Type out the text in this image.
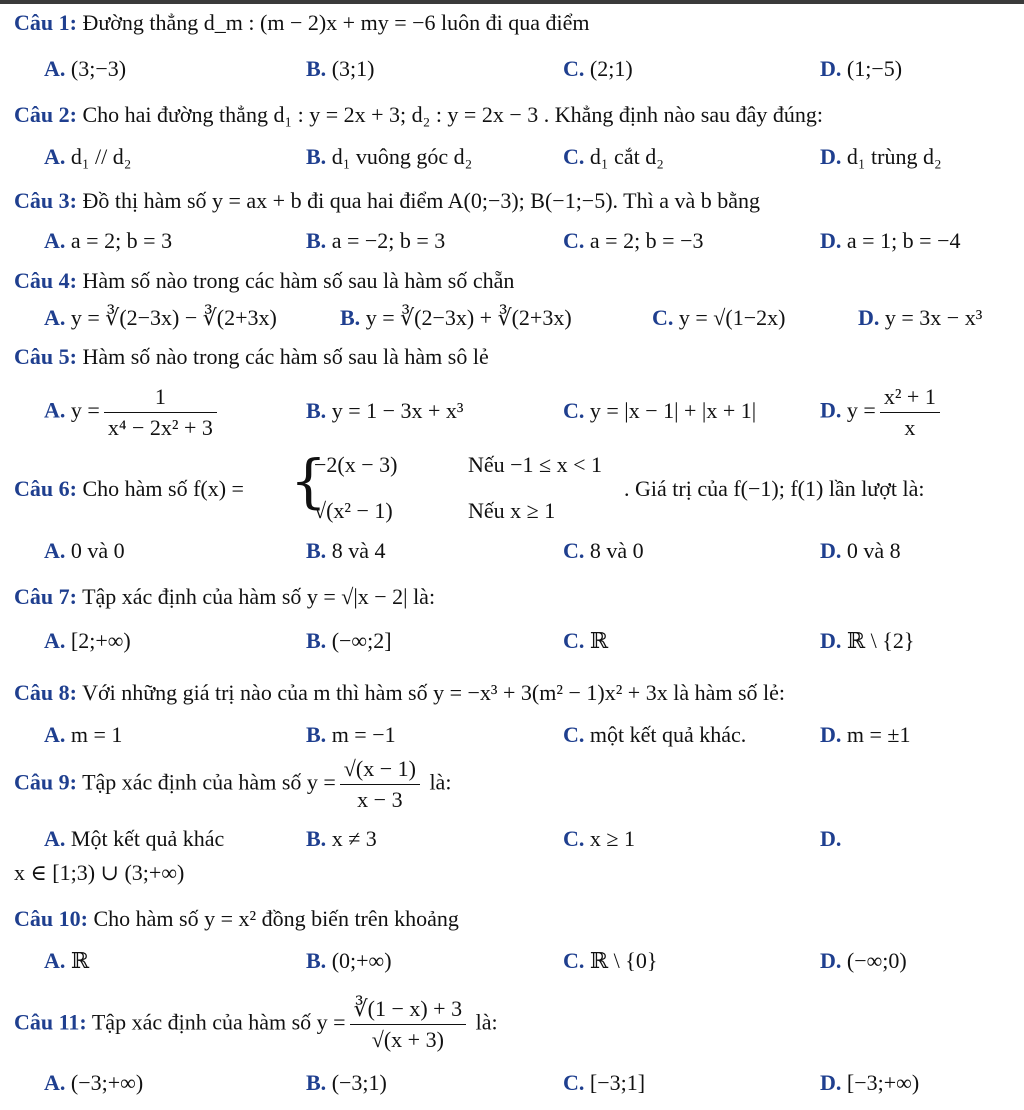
Câu 1: Đường thẳng d_m : (m − 2)x + my = −6 luôn đi qua điểm
A. (3;−3)	B. (3;1)	C. (2;1)	D. (1;−5)
Câu 2: Cho hai đường thẳng d₁ : y = 2x + 3; d₂ : y = 2x − 3 . Khẳng định nào sau đây đúng:
A. d₁ // d₂	B. d₁ vuông góc d₂	C. d₁ cắt d₂	D. d₁ trùng d₂
Câu 3: Đồ thị hàm số y = ax + b đi qua hai điểm A(0;−3); B(−1;−5). Thì a và b bằng
A. a = 2; b = 3	B. a = −2; b = 3	C. a = 2; b = −3	D. a = 1; b = −4
Câu 4: Hàm số nào trong các hàm số sau là hàm số chẵn
A. y = ∛(2−3x) − ∛(2+3x)	B. y = ∛(2−3x) + ∛(2+3x)	C. y = √(1−2x)	D. y = 3x − x³
Câu 5: Hàm số nào trong các hàm số sau là hàm sô lẻ
A. $y = \frac{1}{\text{x⁴ − 2x² + 3}}$	B. y = 1 − 3x + x³	C. y = |x − 1| + |x + 1|	D. $y = \frac{\text{x² + 1}}{x}$
Câu 6: Cho hàm số f(x) = {
−2(x − 3)	Nếu −1 ≤ x < 1
√(x² − 1)	Nếu x ≥ 1
. Giá trị của f(−1); f(1) lần lượt là:
A. 0 và 0	B. 8 và 4	C. 8 và 0	D. 0 và 8
Câu 7: Tập xác định của hàm số y = √|x − 2| là:
A. [2;+∞)	B. (−∞;2]	C. ℝ	D. ℝ \ {2}
Câu 8: Với những giá trị nào của m thì hàm số y = −x³ + 3(m² − 1)x² + 3x là hàm số lẻ:
A. m = 1	B. m = −1	C. một kết quả khác.	D. m = ±1
Câu 9: Tập xác định của hàm số $y = \frac{√(x - 1)}{x - 3}$ là:
A. Một kết quả khác	B. x ≠ 3	C. x ≥ 1	D.
x ∈ [1;3) ∪ (3;+∞)
Câu 10: Cho hàm số y = x² đồng biến trên khoảng
A. ℝ	B. (0;+∞)	C. ℝ \ {0}	D. (−∞;0)
Câu 11: Tập xác định của hàm số $y = \frac{∛(1 - x) + 3}{√(x + 3)}$ là:
A. (−3;+∞)	B. (−3;1)	C. [−3;1]	D. [−3;+∞)
